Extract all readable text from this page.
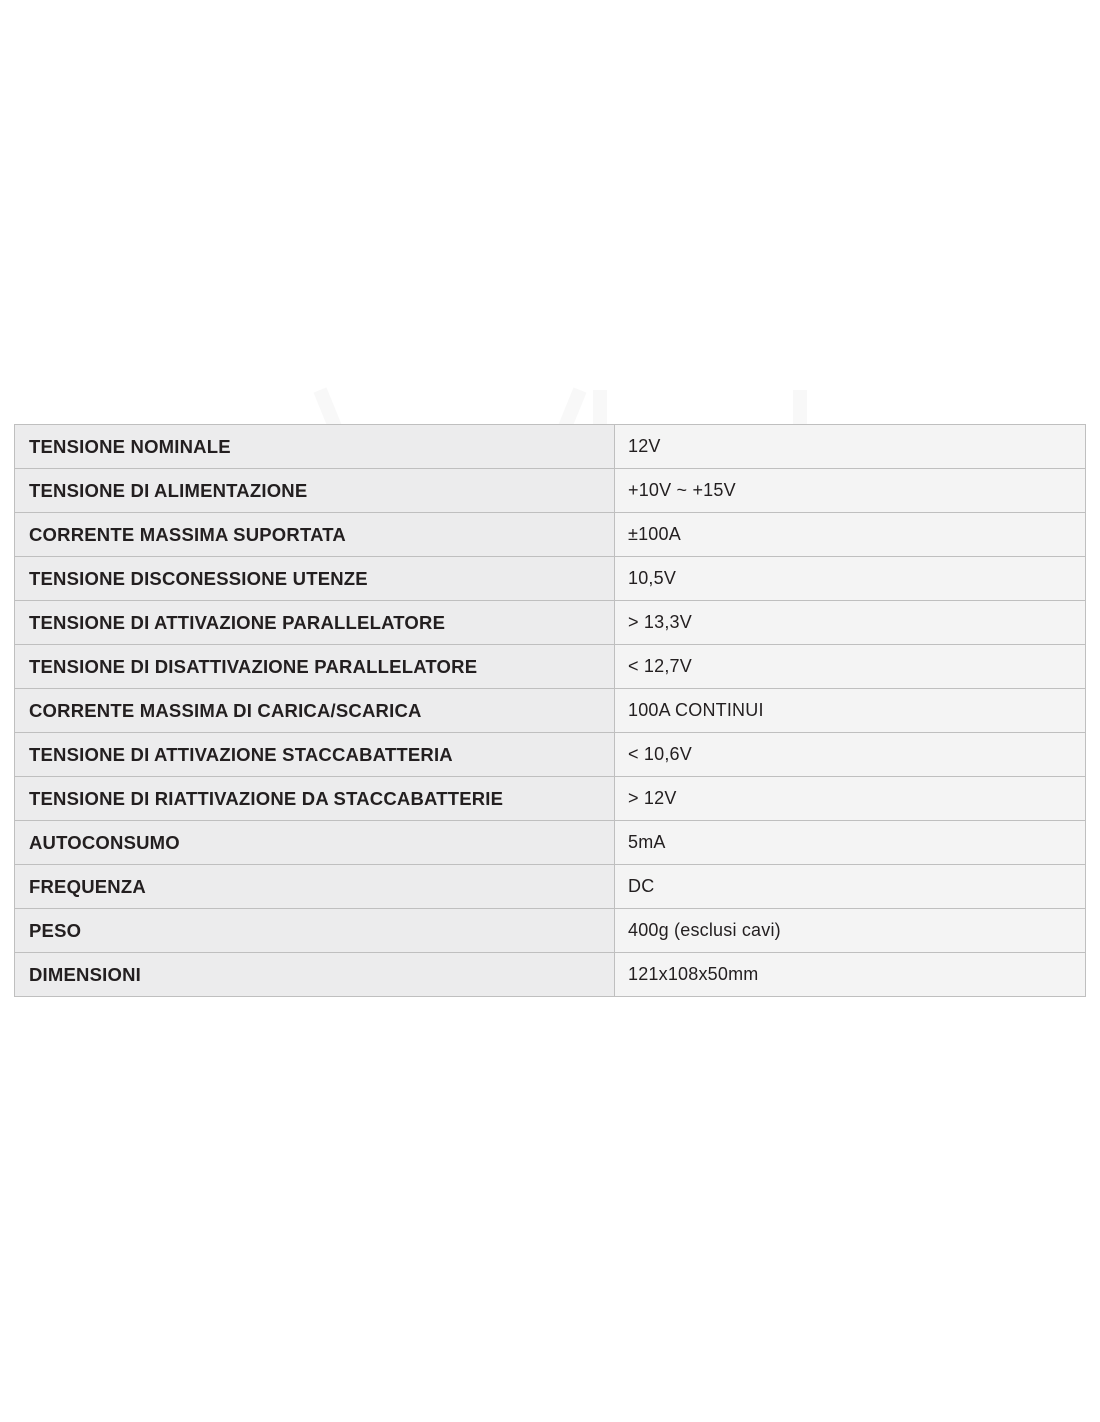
TENSIONE NOMINALE	12V
TENSIONE DI ALIMENTAZIONE	+10V ~ +15V
CORRENTE MASSIMA SUPORTATA	±100A
TENSIONE DISCONESSIONE UTENZE	10,5V
TENSIONE DI ATTIVAZIONE PARALLELATORE	> 13,3V
TENSIONE DI DISATTIVAZIONE PARALLELATORE	< 12,7V
CORRENTE MASSIMA DI CARICA/SCARICA	100A CONTINUI
TENSIONE DI ATTIVAZIONE STACCABATTERIA	< 10,6V
TENSIONE DI RIATTIVAZIONE DA STACCABATTERIE	> 12V
AUTOCONSUMO	5mA
FREQUENZA	DC
PESO	400g (esclusi cavi)
DIMENSIONI	121x108x50mm
